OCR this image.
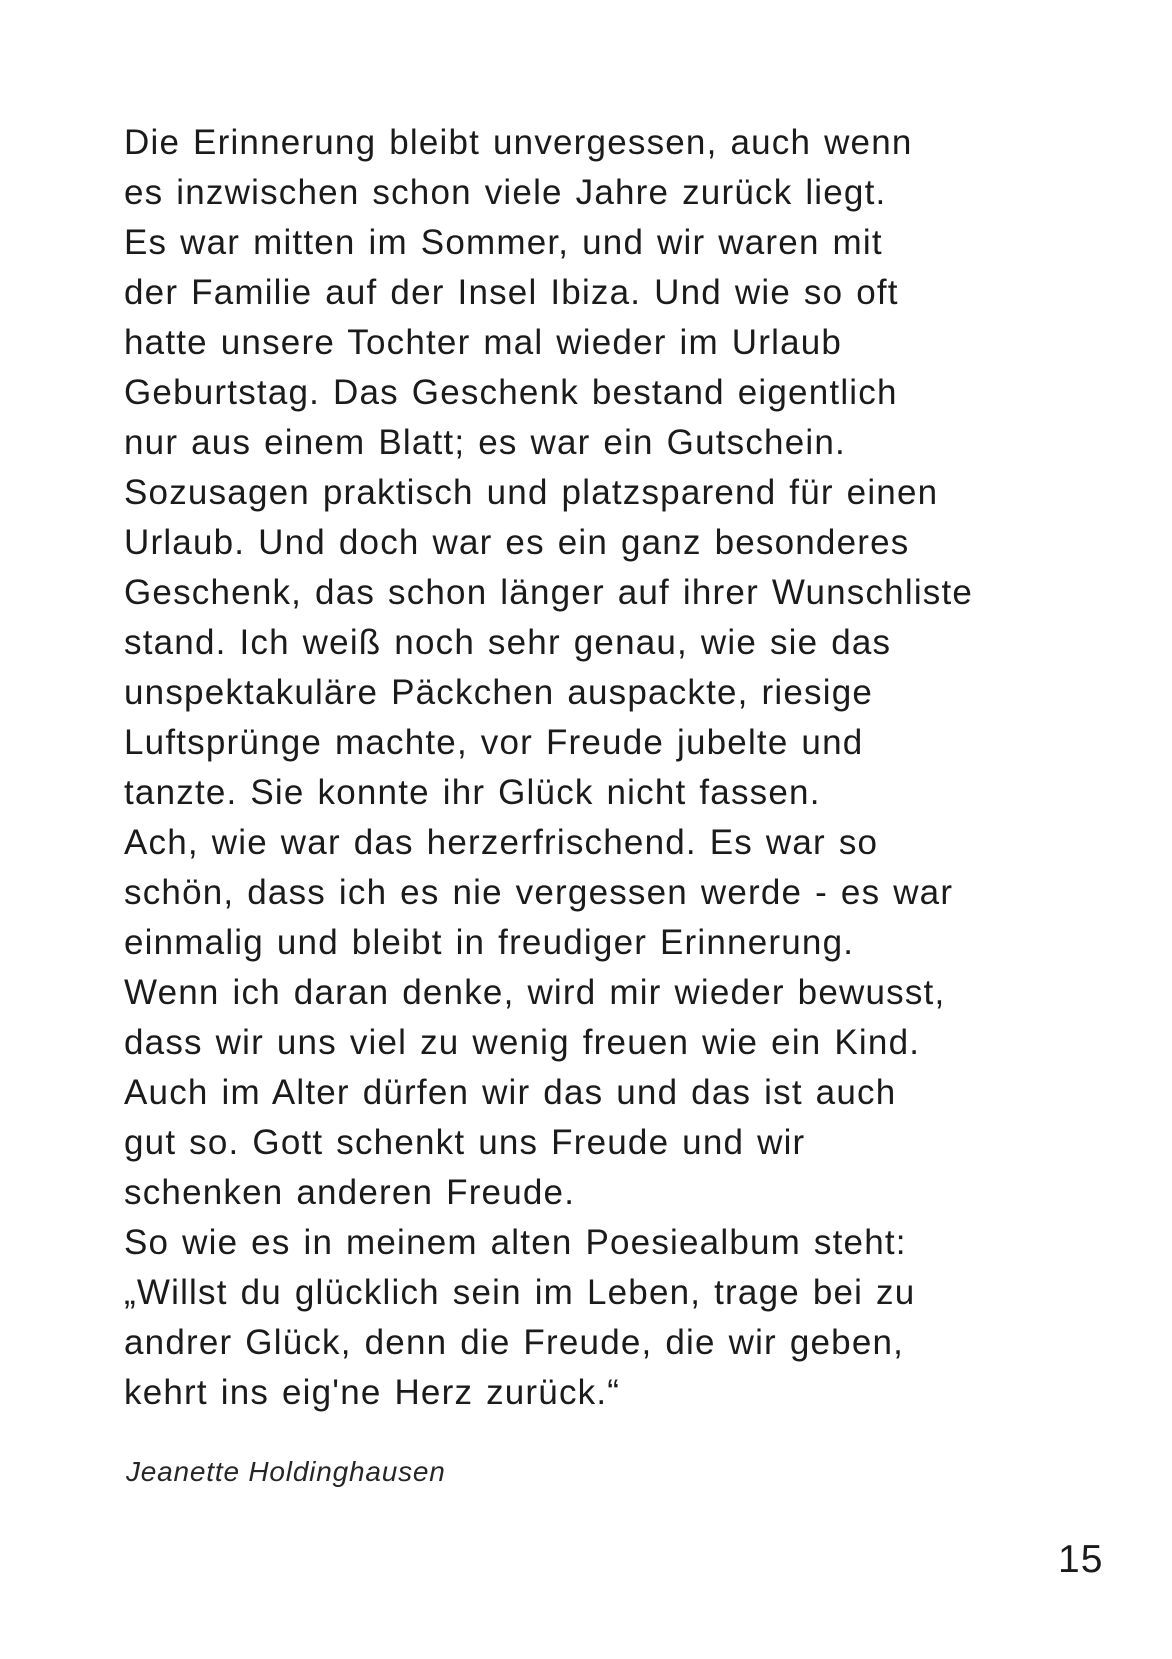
Die Erinnerung bleibt unvergessen, auch wenn
es inzwischen schon viele Jahre zurück liegt.
Es war mitten im Sommer, und wir waren mit
der Familie auf der Insel Ibiza. Und wie so oft
hatte unsere Tochter mal wieder im Urlaub
Geburtstag. Das Geschenk bestand eigentlich
nur aus einem Blatt; es war ein Gutschein.
Sozusagen praktisch und platzsparend für einen
Urlaub. Und doch war es ein ganz besonderes
Geschenk, das schon länger auf ihrer Wunschliste
stand. Ich weiß noch sehr genau, wie sie das
unspektakuläre Päckchen auspackte, riesige
Luftsprünge machte, vor Freude jubelte und
tanzte. Sie konnte ihr Glück nicht fassen.
Ach, wie war das herzerfrischend. Es war so
schön, dass ich es nie vergessen werde - es war
einmalig und bleibt in freudiger Erinnerung.
Wenn ich daran denke, wird mir wieder bewusst,
dass wir uns viel zu wenig freuen wie ein Kind.
Auch im Alter dürfen wir das und das ist auch
gut so. Gott schenkt uns Freude und wir
schenken anderen Freude.
So wie es in meinem alten Poesiealbum steht:
„Willst du glücklich sein im Leben, trage bei zu
andrer Glück, denn die Freude, die wir geben,
kehrt ins eig'ne Herz zurück.“
Jeanette Holdinghausen
15
